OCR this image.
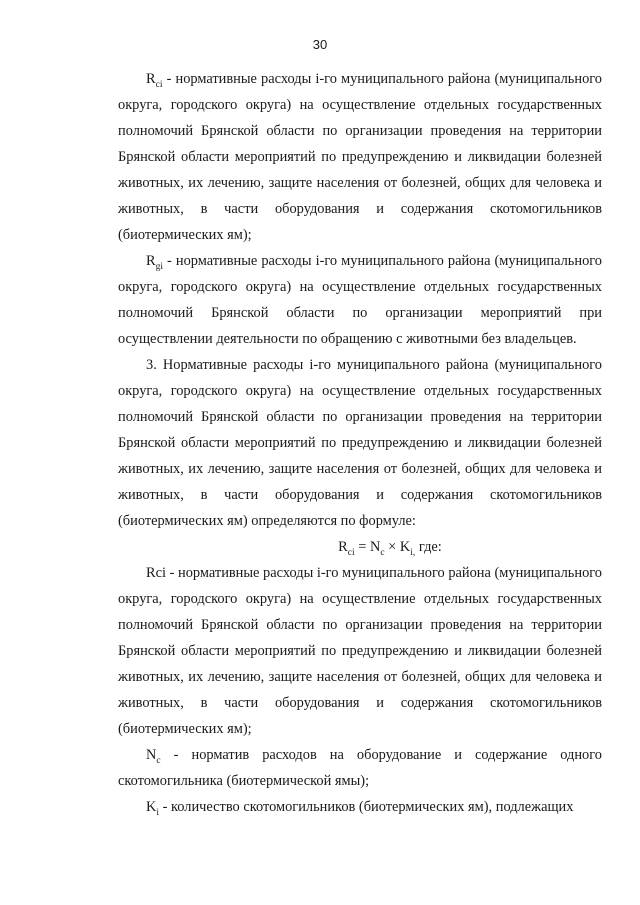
30

$R_{ci}$ - нормативные расходы i-го муниципального района (муниципального округа, городского округа) на осуществление отдельных государственных полномочий Брянской области по организации проведения на территории Брянской области мероприятий по предупреждению и ликвидации болезней животных, их лечению, защите населения от болезней, общих для человека и животных, в части оборудования и содержания скотомогильников (биотермических ям);

$R_{gi}$ - нормативные расходы i-го муниципального района (муниципального округа, городского округа) на осуществление отдельных государственных полномочий Брянской области по организации мероприятий при осуществлении деятельности по обращению с животными без владельцев.

3. Нормативные расходы i-го муниципального района (муниципального округа, городского округа) на осуществление отдельных государственных полномочий Брянской области по организации проведения на территории Брянской области мероприятий по предупреждению и ликвидации болезней животных, их лечению, защите населения от болезней, общих для человека и животных, в части оборудования и содержания скотомогильников (биотермических ям) определяются по формуле:

$R_{ci} = N_c \times K_{i,}$ где:

Rci - нормативные расходы i-го муниципального района (муниципального округа, городского округа) на осуществление отдельных государственных полномочий Брянской области по организации проведения на территории Брянской области мероприятий по предупреждению и ликвидации болезней животных, их лечению, защите населения от болезней, общих для человека и животных, в части оборудования и содержания скотомогильников (биотермических ям);

$N_c$ - норматив расходов на оборудование и содержание одного скотомогильника (биотермической ямы);

$K_i$ - количество скотомогильников (биотермических ям), подлежащих
